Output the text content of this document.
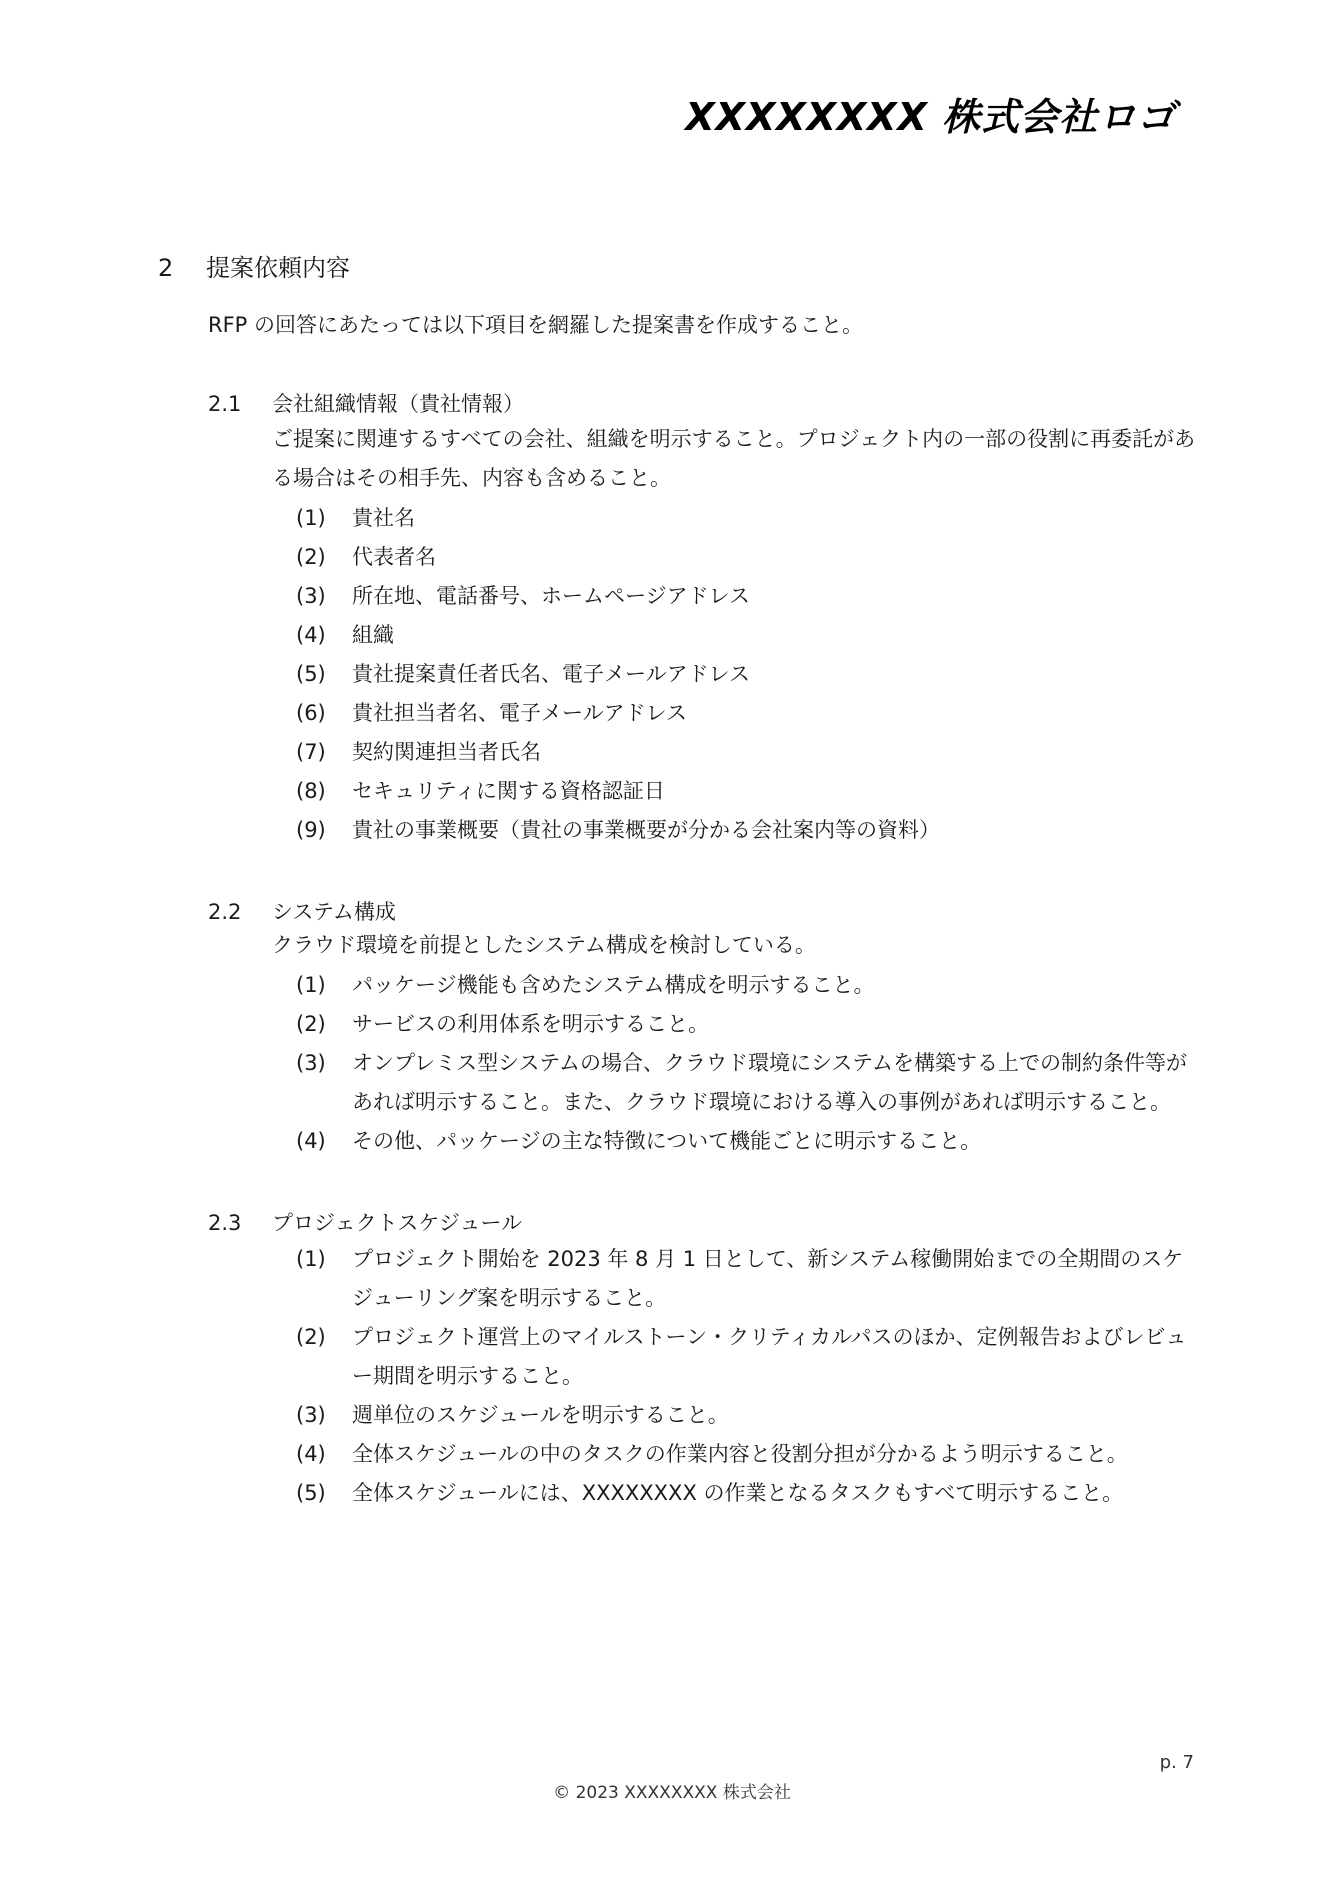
XXXXXXXX 株式会社ロゴ
2 提案依頼内容
RFP の回答にあたっては以下項目を網羅した提案書を作成すること。
2.1 会社組織情報（貴社情報）
ご提案に関連するすべての会社、組織を明示すること。プロジェクト内の一部の役割に再委託がある場合はその相手先、内容も含めること。
(1) 貴社名
(2) 代表者名
(3) 所在地、電話番号、ホームページアドレス
(4) 組織
(5) 貴社提案責任者氏名、電子メールアドレス
(6) 貴社担当者名、電子メールアドレス
(7) 契約関連担当者氏名
(8) セキュリティに関する資格認証日
(9) 貴社の事業概要（貴社の事業概要が分かる会社案内等の資料）
2.2 システム構成
クラウド環境を前提としたシステム構成を検討している。
(1) パッケージ機能も含めたシステム構成を明示すること。
(2) サービスの利用体系を明示すること。
(3) オンプレミス型システムの場合、クラウド環境にシステムを構築する上での制約条件等があれば明示すること。また、クラウド環境における導入の事例があれば明示すること。
(4) その他、パッケージの主な特徴について機能ごとに明示すること。
2.3 プロジェクトスケジュール
(1) プロジェクト開始を 2023 年 8 月 1 日として、新システム稼働開始までの全期間のスケジューリング案を明示すること。
(2) プロジェクト運営上のマイルストーン・クリティカルパスのほか、定例報告およびレビュー期間を明示すること。
(3) 週単位のスケジュールを明示すること。
(4) 全体スケジュールの中のタスクの作業内容と役割分担が分かるよう明示すること。
(5) 全体スケジュールには、XXXXXXXX の作業となるタスクもすべて明示すること。
p. 7
© 2023 XXXXXXXX 株式会社
